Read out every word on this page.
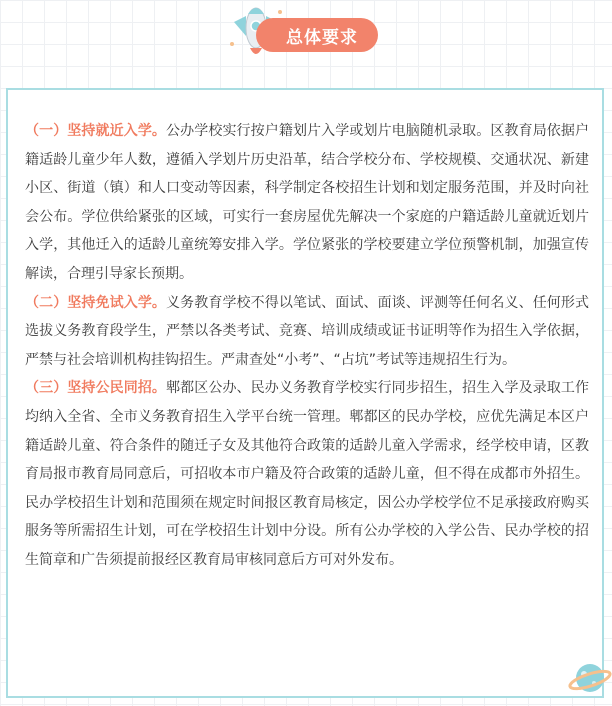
总体要求

（一）坚持就近入学。公办学校实行按户籍划片入学或划片电脑随机录取。区教育局依据户籍适龄儿童少年人数，遵循入学划片历史沿革，结合学校分布、学校规模、交通状况、新建小区、街道（镇）和人口变动等因素，科学制定各校招生计划和划定服务范围，并及时向社会公布。学位供给紧张的区域，可实行一套房屋优先解决一个家庭的户籍适龄儿童就近划片入学，其他迁入的适龄儿童统筹安排入学。学位紧张的学校要建立学位预警机制，加强宣传解读，合理引导家长预期。

（二）坚持免试入学。义务教育学校不得以笔试、面试、面谈、评测等任何名义、任何形式选拔义务教育段学生，严禁以各类考试、竞赛、培训成绩或证书证明等作为招生入学依据，严禁与社会培训机构挂钩招生。严肃查处“小考”、“占坑”考试等违规招生行为。

（三）坚持公民同招。郫都区公办、民办义务教育学校实行同步招生，招生入学及录取工作均纳入全省、全市义务教育招生入学平台统一管理。郫都区的民办学校，应优先满足本区户籍适龄儿童、符合条件的随迁子女及其他符合政策的适龄儿童入学需求，经学校申请，区教育局报市教育局同意后，可招收本市户籍及符合政策的适龄儿童，但不得在成都市外招生。民办学校招生计划和范围须在规定时间报区教育局核定，因公办学校学位不足承接政府购买服务等所需招生计划，可在学校招生计划中分设。所有公办学校的入学公告、民办学校的招生简章和广告须提前报经区教育局审核同意后方可对外发布。
